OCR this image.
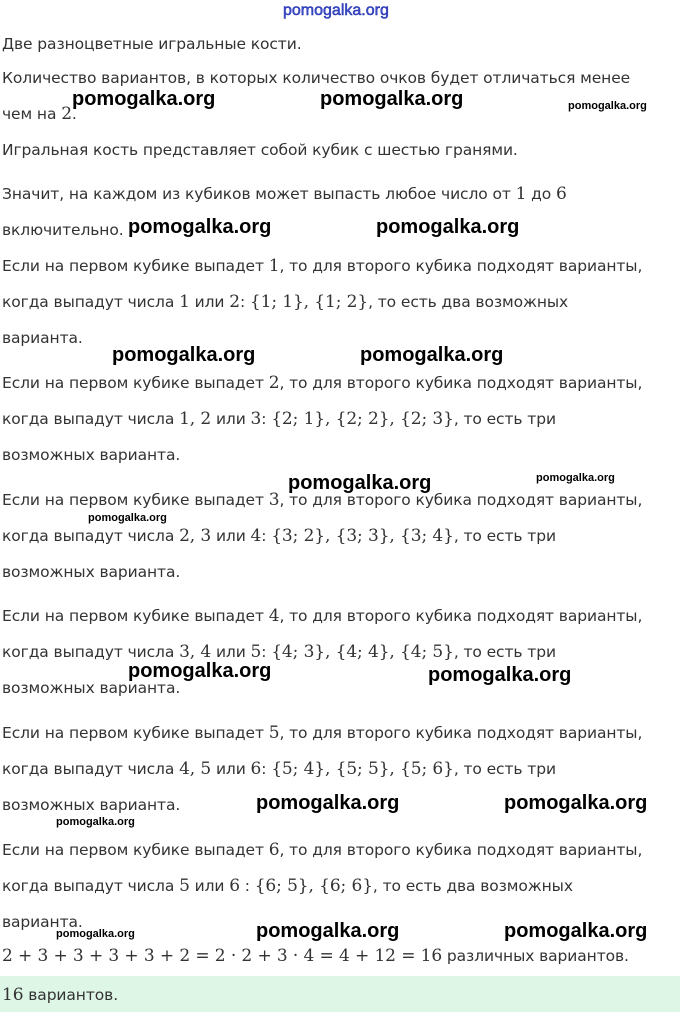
pomogalka.org
Две разноцветные игральные кости.
Количество вариантов, в которых количество очков будет отличаться менее
чем на 2.
Игральная кость представляет собой кубик с шестью гранями.
Значит, на каждом из кубиков может выпасть любое число от 1 до 6
включительно.
Если на первом кубике выпадет 1, то для второго кубика подходят варианты,
когда выпадут числа 1 или 2: {1; 1}, {1; 2}, то есть два возможных
варианта.
Если на первом кубике выпадет 2, то для второго кубика подходят варианты,
когда выпадут числа 1, 2 или 3: {2; 1}, {2; 2}, {2; 3}, то есть три
возможных варианта.
Если на первом кубике выпадет 3, то для второго кубика подходят варианты,
когда выпадут числа 2, 3 или 4: {3; 2}, {3; 3}, {3; 4}, то есть три
возможных варианта.
Если на первом кубике выпадет 4, то для второго кубика подходят варианты,
когда выпадут числа 3, 4 или 5: {4; 3}, {4; 4}, {4; 5}, то есть три
возможных варианта.
Если на первом кубике выпадет 5, то для второго кубика подходят варианты,
когда выпадут числа 4, 5 или 6: {5; 4}, {5; 5}, {5; 6}, то есть три
возможных варианта.
Если на первом кубике выпадет 6, то для второго кубика подходят варианты,
когда выпадут числа 5 или 6 : {6; 5}, {6; 6}, то есть два возможных
варианта.
2 + 3 + 3 + 3 + 3 + 2 = 2 · 2 + 3 · 4 = 4 + 12 = 16 различных вариантов.
16 вариантов.
pomogalka.org	pomogalka.org	pomogalka.org
pomogalka.org	pomogalka.org
pomogalka.org	pomogalka.org
pomogalka.org	pomogalka.org
pomogalka.org
pomogalka.org	pomogalka.org
pomogalka.org	pomogalka.org
pomogalka.org
pomogalka.org	pomogalka.org
pomogalka.org
